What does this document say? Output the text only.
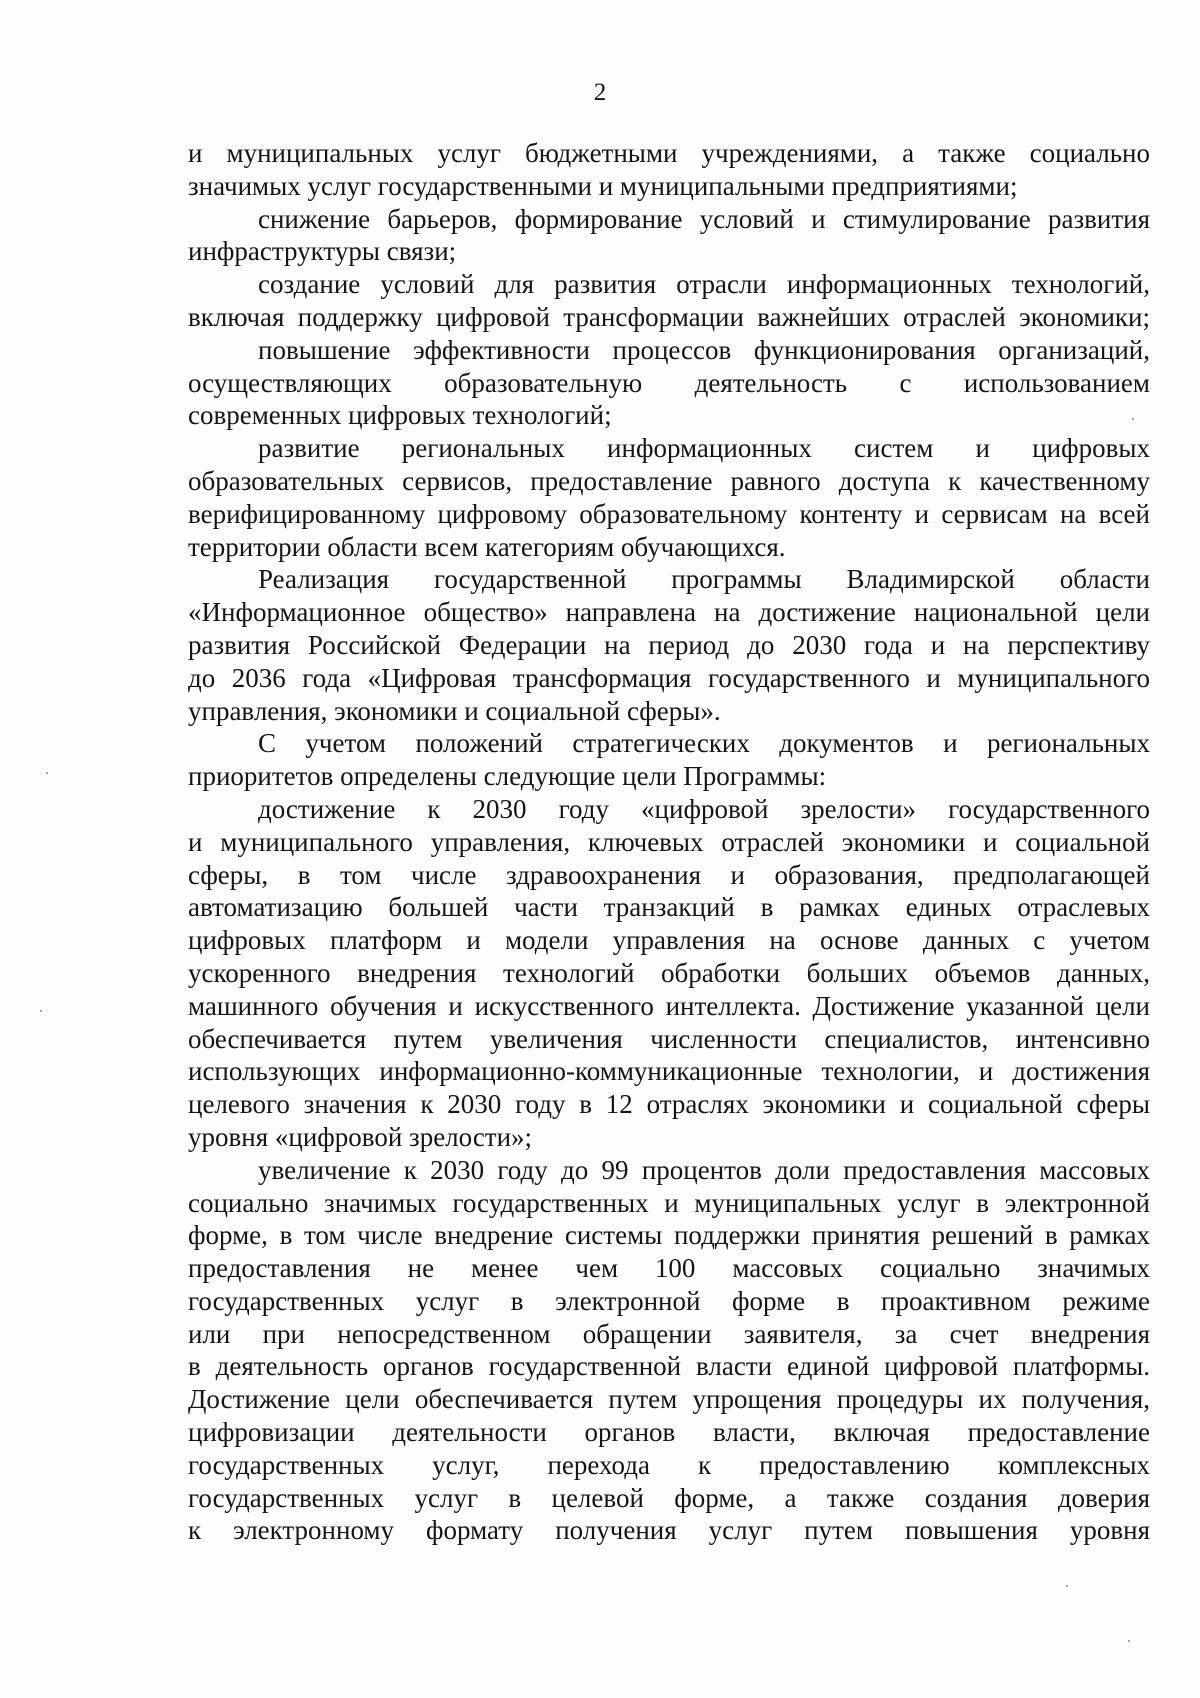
2
и муниципальных услуг бюджетными учреждениями, а также социально
значимых услуг государственными и муниципальными предприятиями;
снижение барьеров, формирование условий и стимулирование развития
инфраструктуры связи;
создание условий для развития отрасли информационных технологий,
включая поддержку цифровой трансформации важнейших отраслей экономики;
повышение эффективности процессов функционирования организаций,
осуществляющих образовательную деятельность с использованием
современных цифровых технологий;
развитие региональных информационных систем и цифровых
образовательных сервисов, предоставление равного доступа к качественному
верифицированному цифровому образовательному контенту и сервисам на всей
территории области всем категориям обучающихся.
Реализация государственной программы Владимирской области
«Информационное общество» направлена на достижение национальной цели
развития Российской Федерации на период до 2030 года и на перспективу
до 2036 года «Цифровая трансформация государственного и муниципального
управления, экономики и социальной сферы».
С учетом положений стратегических документов и региональных
приоритетов определены следующие цели Программы:
достижение к 2030 году «цифровой зрелости» государственного
и муниципального управления, ключевых отраслей экономики и социальной
сферы, в том числе здравоохранения и образования, предполагающей
автоматизацию большей части транзакций в рамках единых отраслевых
цифровых платформ и модели управления на основе данных с учетом
ускоренного внедрения технологий обработки больших объемов данных,
машинного обучения и искусственного интеллекта. Достижение указанной цели
обеспечивается путем увеличения численности специалистов, интенсивно
использующих информационно-коммуникационные технологии, и достижения
целевого значения к 2030 году в 12 отраслях экономики и социальной сферы
уровня «цифровой зрелости»;
увеличение к 2030 году до 99 процентов доли предоставления массовых
социально значимых государственных и муниципальных услуг в электронной
форме, в том числе внедрение системы поддержки принятия решений в рамках
предоставления не менее чем 100 массовых социально значимых
государственных услуг в электронной форме в проактивном режиме
или при непосредственном обращении заявителя, за счет внедрения
в деятельность органов государственной власти единой цифровой платформы.
Достижение цели обеспечивается путем упрощения процедуры их получения,
цифровизации деятельности органов власти, включая предоставление
государственных услуг, перехода к предоставлению комплексных
государственных услуг в целевой форме, а также создания доверия
к электронному формату получения услуг путем повышения уровня
